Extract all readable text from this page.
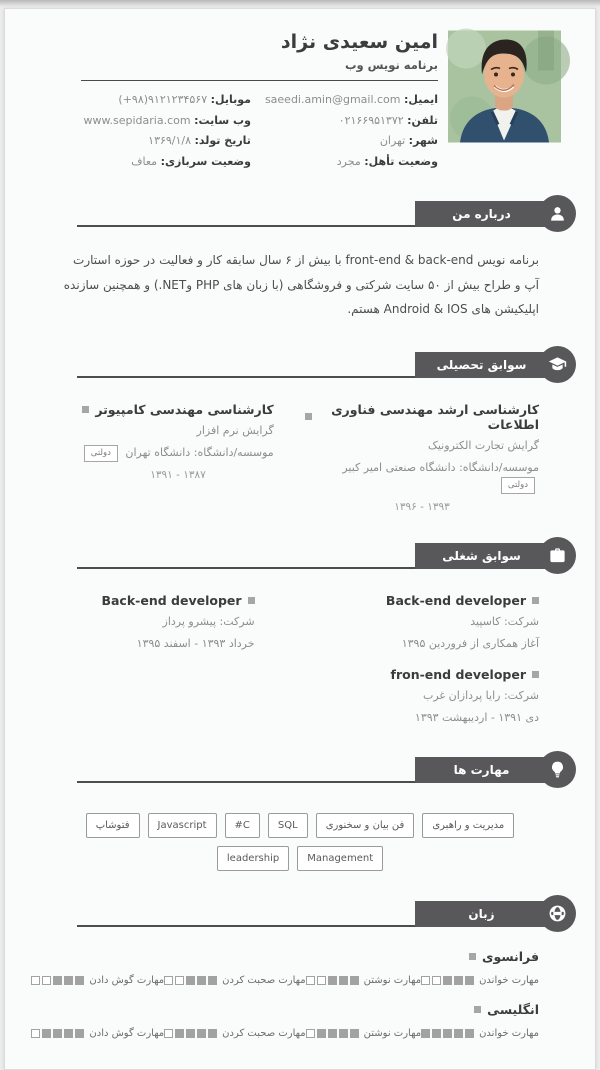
امین سعیدی نژاد
برنامه نویس وب
ایمیل: saeedi.amin@gmail.com
موبایل: (+۹۸)۹۱۲۱۲۳۴۵۶۷
تلفن: ۰۲۱۶۶۹۵۱۳۷۲
وب سایت: www.sepidaria.com
شهر: تهران
تاریخ تولد: ۱۳۶۹/۱/۸
وضعیت تأهل: مجرد
وضعیت سربازی: معاف
درباره من

برنامه نویس front-end & back-end با بیش از ۶ سال سابقه کار و فعالیت در حوزه استارت آپ و طراح بیش از ۵۰ سایت شرکتی و فروشگاهی (با زبان های PHP وNET.) و همچنین سازنده اپلیکیشن های Android & IOS هستم.

سوابق تحصیلی
کارشناسی ارشد مهندسی فناوری اطلاعات
گرایش تجارت الکترونیک
موسسه/دانشگاه: دانشگاه صنعتی امیر کبیر دولتی
۱۳۹۳ - ۱۳۹۶
کارشناسی مهندسی کامپیوتر
گرایش نرم افزار
موسسه/دانشگاه: دانشگاه تهران دولتی
۱۳۸۷ - ۱۳۹۱
سوابق شغلی
Back-end developer
شرکت: کاسپید
آغاز همکاری از فروردین ۱۳۹۵
fron-end developer
شرکت: رایا پردازان غرب
دی ۱۳۹۱ - اردیبهشت ۱۳۹۳
Back-end developer
شرکت: پیشرو پرداز
خرداد ۱۳۹۳ - اسفند ۱۳۹۵
مهارت ها
مدیریت و راهبری
فن بیان و سخنوری
SQL
C#
Javascript
فتوشاپ
Management
leadership
زبان
فرانسوی
مهارت خواندن
مهارت نوشتن
مهارت صحبت کردن
مهارت گوش دادن
انگلیسی
مهارت خواندن
مهارت نوشتن
مهارت صحبت کردن
مهارت گوش دادن
